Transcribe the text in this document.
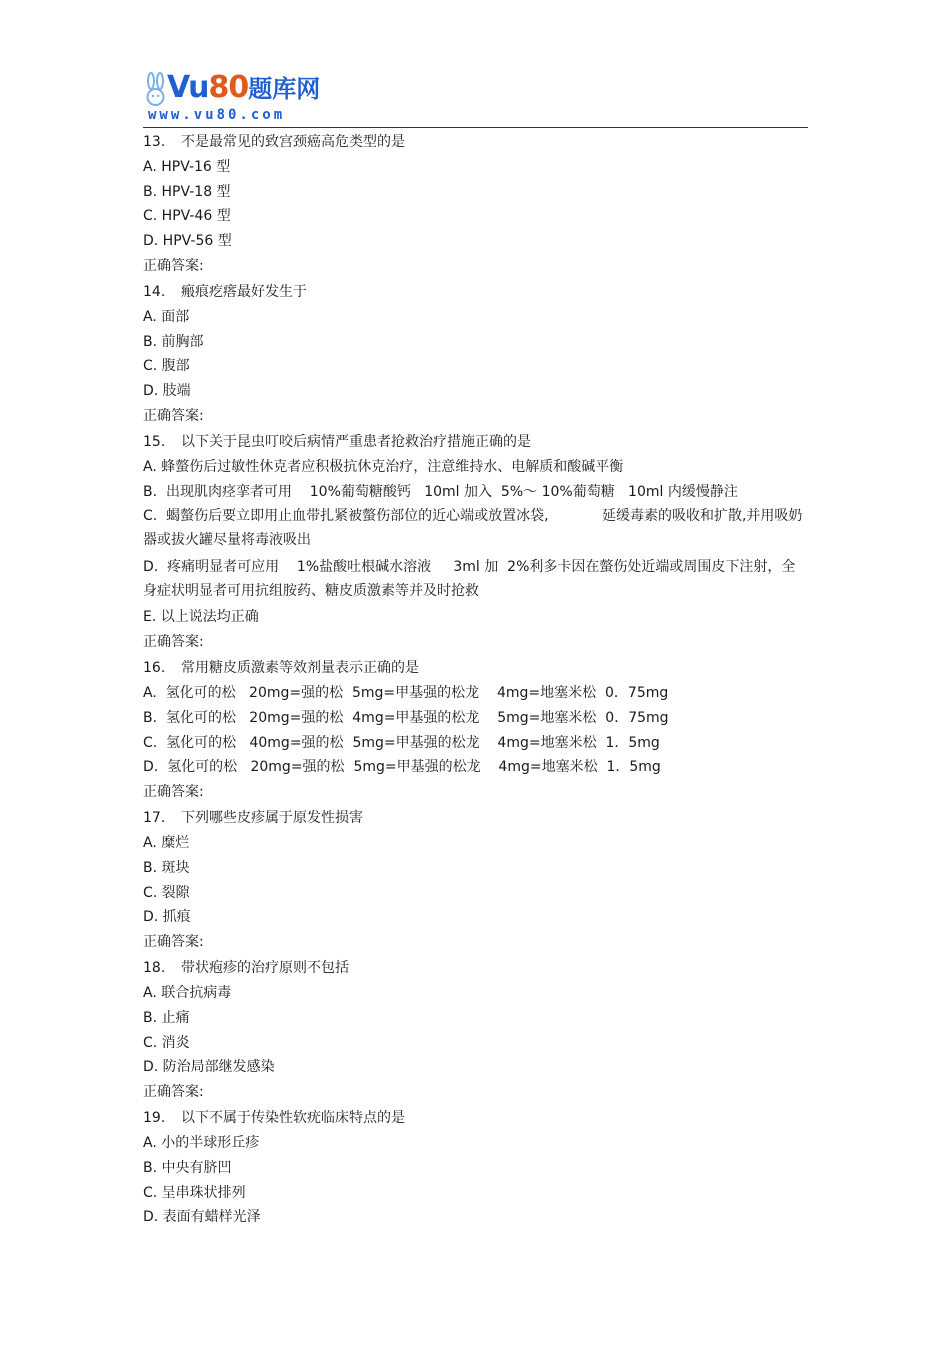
Vu80题库网
www.vu80.com
13. 不是最常见的致宫颈癌高危类型的是
A. HPV-16 型
B. HPV-18 型
C. HPV-46 型
D. HPV-56 型
正确答案:
14. 瘢痕疙瘩最好发生于
A. 面部
B. 前胸部
C. 腹部
D. 肢端
正确答案:
15. 以下关于昆虫叮咬后病情严重患者抢救治疗措施正确的是
A. 蜂螫伤后过敏性休克者应积极抗休克治疗，注意维持水、电解质和酸碱平衡
B.  出现肌肉痉挛者可用    10%葡萄糖酸钙   10ml 加入  5%～ 10%葡萄糖   10ml 内缓慢静注
C.  蝎螫伤后要立即用止血带扎紧被螫伤部位的近心端或放置冰袋,            延缓毒素的吸收和扩散,并用吸奶器或拔火罐尽量将毒液吸出
D.  疼痛明显者可应用    1%盐酸吐根碱水溶液     3ml 加  2%利多卡因在螫伤处近端或周围皮下注射，全身症状明显者可用抗组胺药、糖皮质激素等并及时抢救
E. 以上说法均正确
正确答案:
16. 常用糖皮质激素等效剂量表示正确的是
A.  氢化可的松   20mg=强的松  5mg=甲基强的松龙    4mg=地塞米松  0．75mg
B.  氢化可的松   20mg=强的松  4mg=甲基强的松龙    5mg=地塞米松  0．75mg
C.  氢化可的松   40mg=强的松  5mg=甲基强的松龙    4mg=地塞米松  1．5mg
D.  氢化可的松   20mg=强的松  5mg=甲基强的松龙    4mg=地塞米松  1．5mg
正确答案:
17. 下列哪些皮疹属于原发性损害
A. 糜烂
B. 斑块
C. 裂隙
D. 抓痕
正确答案:
18. 带状疱疹的治疗原则不包括
A. 联合抗病毒
B. 止痛
C. 消炎
D. 防治局部继发感染
正确答案:
19. 以下不属于传染性软疣临床特点的是
A. 小的半球形丘疹
B. 中央有脐凹
C. 呈串珠状排列
D. 表面有蜡样光泽
